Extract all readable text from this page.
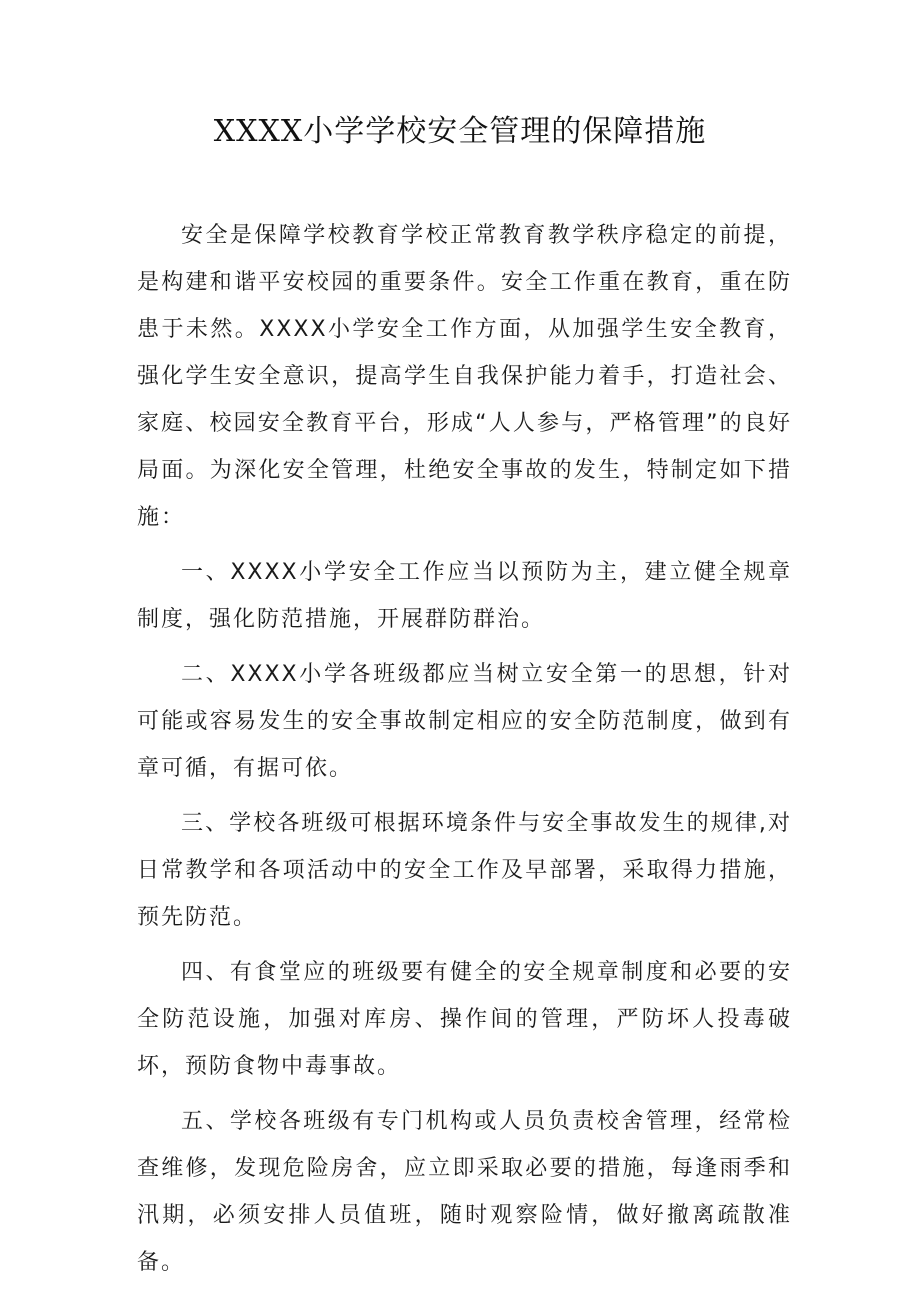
XXXX小学学校安全管理的保障措施

安全是保障学校教育学校正常教育教学秩序稳定的前提，是构建和谐平安校园的重要条件。安全工作重在教育，重在防患于未然。XXXX小学安全工作方面，从加强学生安全教育，强化学生安全意识，提高学生自我保护能力着手，打造社会、家庭、校园安全教育平台，形成“人人参与，严格管理”的良好局面。为深化安全管理，杜绝安全事故的发生，特制定如下措施：

一、XXXX小学安全工作应当以预防为主，建立健全规章制度，强化防范措施，开展群防群治。

二、XXXX小学各班级都应当树立安全第一的思想，针对可能或容易发生的安全事故制定相应的安全防范制度，做到有章可循，有据可依。

三、学校各班级可根据环境条件与安全事故发生的规律,对日常教学和各项活动中的安全工作及早部署，采取得力措施，预先防范。

四、有食堂应的班级要有健全的安全规章制度和必要的安全防范设施，加强对库房、操作间的管理，严防坏人投毒破坏，预防食物中毒事故。

五、学校各班级有专门机构或人员负责校舍管理，经常检查维修，发现危险房舍，应立即采取必要的措施，每逢雨季和汛期，必须安排人员值班，随时观察险情，做好撤离疏散准备。
